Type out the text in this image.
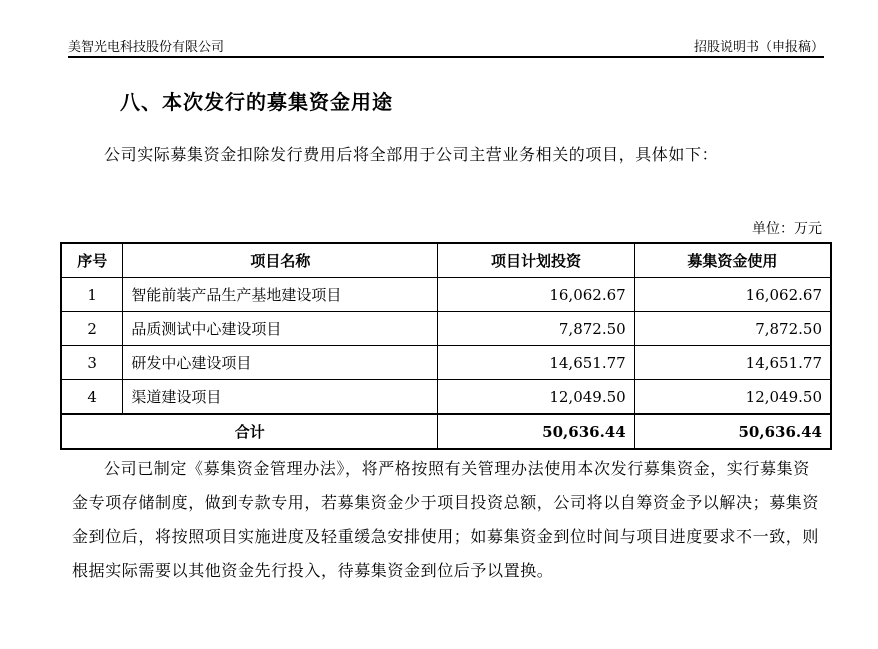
美智光电科技股份有限公司	招股说明书（申报稿）
八、本次发行的募集资金用途
公司实际募集资金扣除发行费用后将全部用于公司主营业务相关的项目，具体如下：
单位：万元
序号	项目名称	项目计划投资	募集资金使用
1	智能前装产品生产基地建设项目	16,062.67	16,062.67
2	品质测试中心建设项目	7,872.50	7,872.50
3	研发中心建设项目	14,651.77	14,651.77
4	渠道建设项目	12,049.50	12,049.50
合计		50,636.44	50,636.44
公司已制定《募集资金管理办法》，将严格按照有关管理办法使用本次发行募集资金，实行募集资金专项存储制度，做到专款专用，若募集资金少于项目投资总额，公司将以自筹资金予以解决；募集资金到位后，将按照项目实施进度及轻重缓急安排使用；如募集资金到位时间与项目进度要求不一致，则根据实际需要以其他资金先行投入，待募集资金到位后予以置换。
